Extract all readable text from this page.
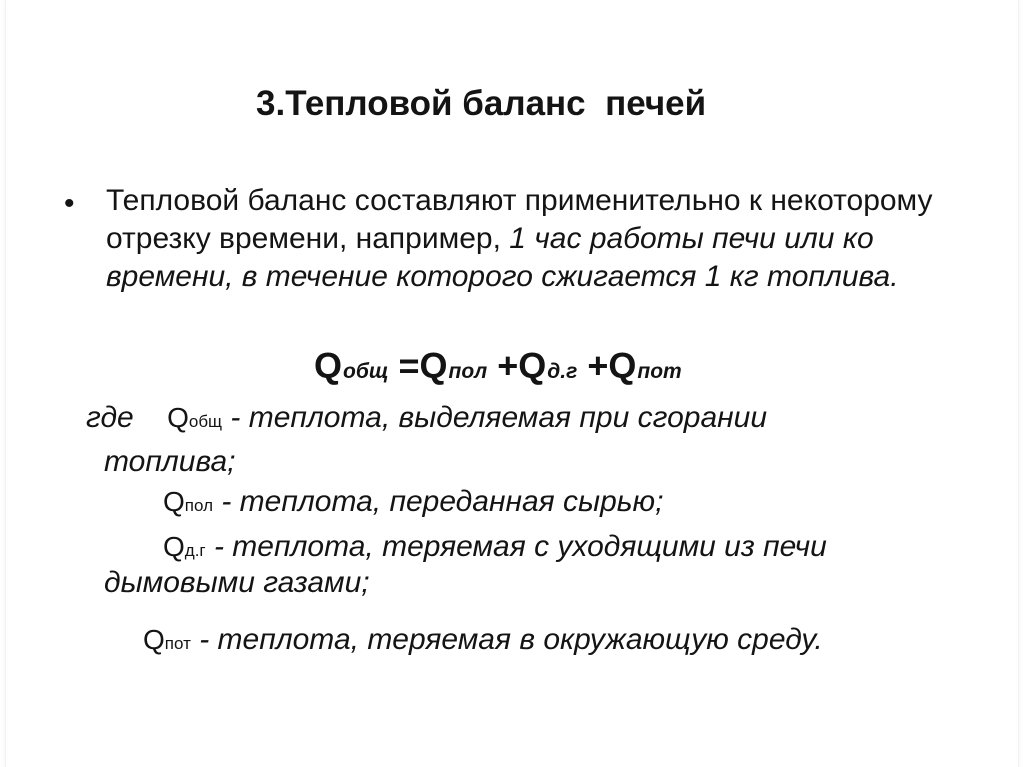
3.Тепловой баланс  печей
• Тепловой баланс составляют применительно к некоторому отрезку времени, например, 1 час работы печи или ко времени, в течение которого сжигается 1 кг топлива.
Qобщ =Qпол +Qд.г +Qпот
где Qобщ - теплота, выделяемая при сгорании
топлива;
Qпол - теплота, переданная сырью;
Qд.г - теплота, теряемая с уходящими из печи
дымовыми газами;
Qпот - теплота, теряемая в окружающую среду.
